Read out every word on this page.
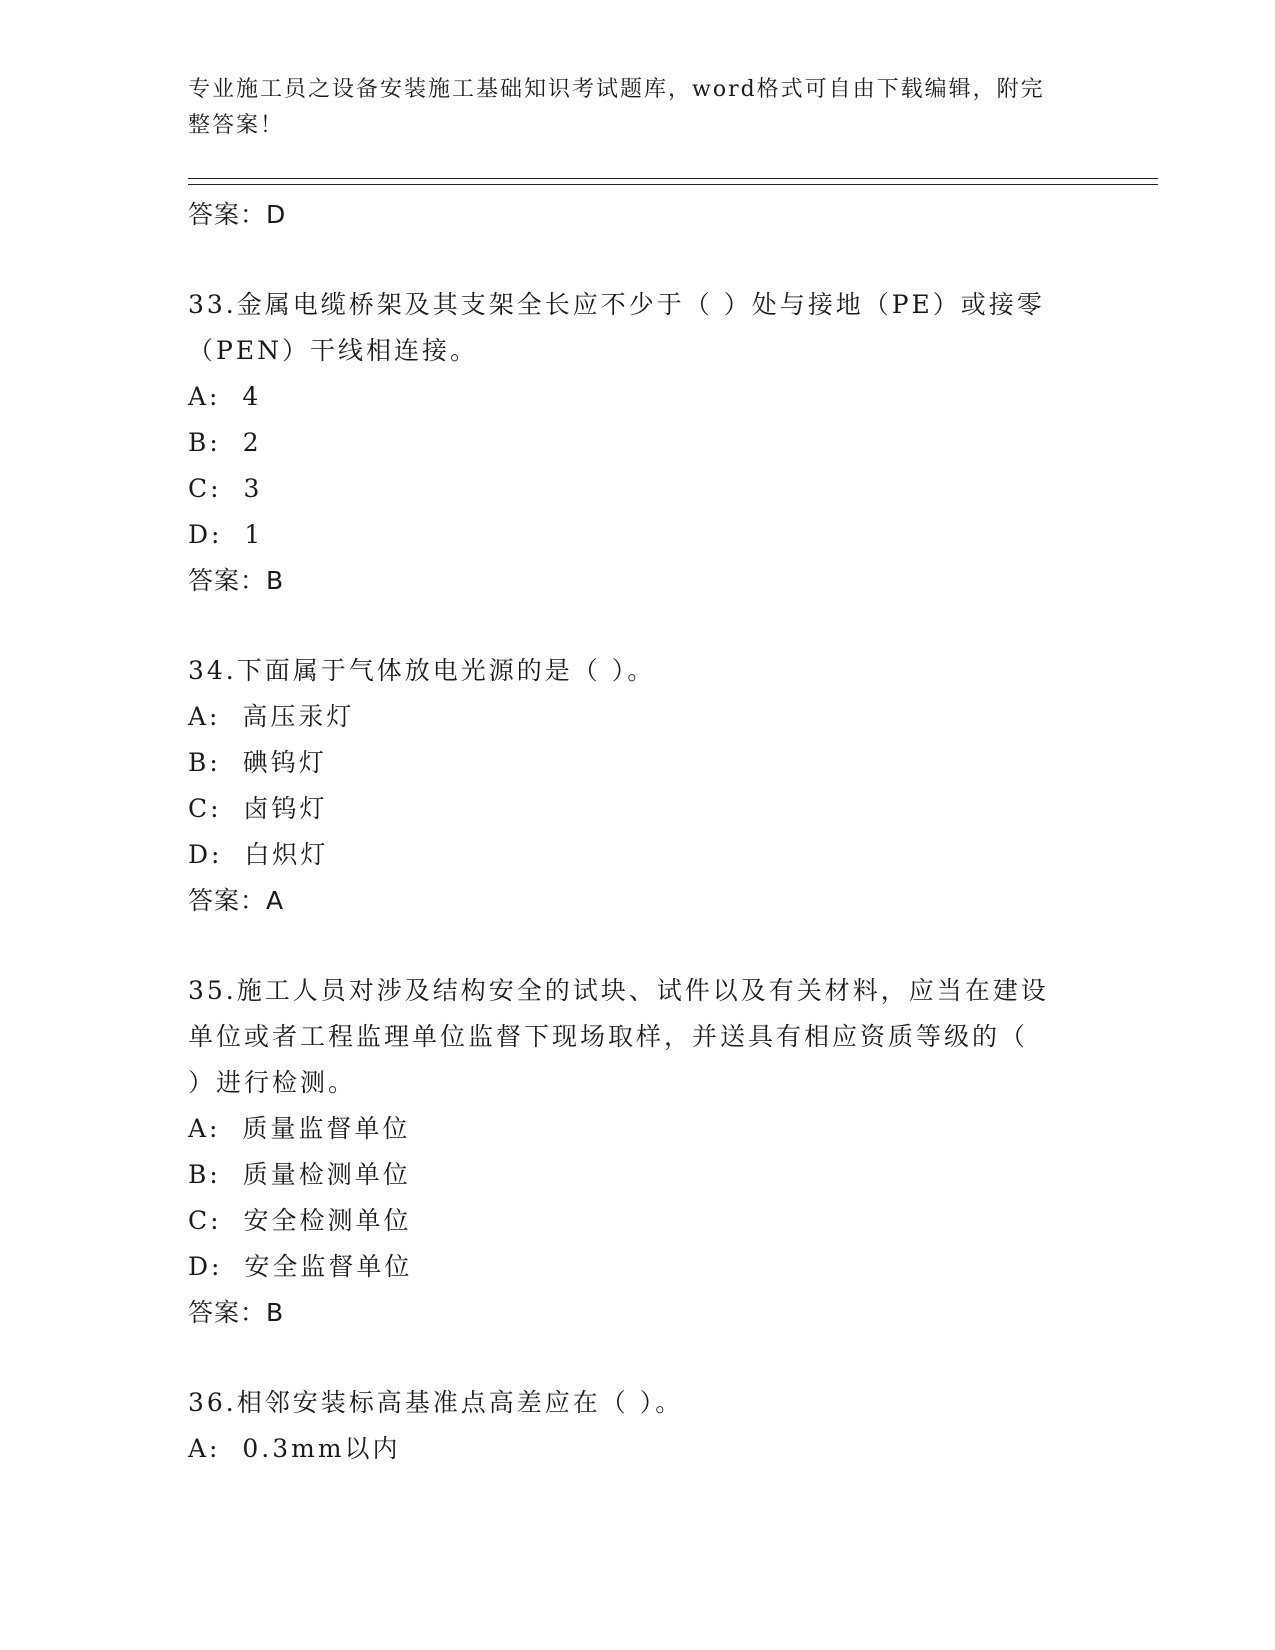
专业施工员之设备安装施工基础知识考试题库，word格式可自由下载编辑，附完
整答案！
答案：D
33.金属电缆桥架及其支架全长应不少于（ ）处与接地（PE）或接零
（PEN）干线相连接。
A:  4
B:  2
C:  3
D:  1
答案：B
34.下面属于气体放电光源的是（ ）。
A:  高压汞灯
B:  碘钨灯
C:  卤钨灯
D:  白炽灯
答案：A
35.施工人员对涉及结构安全的试块、试件以及有关材料，应当在建设
单位或者工程监理单位监督下现场取样，并送具有相应资质等级的（
）进行检测。
A:  质量监督单位
B:  质量检测单位
C:  安全检测单位
D:  安全监督单位
答案：B
36.相邻安装标高基准点高差应在（ ）。
A:  0.3mm以内
